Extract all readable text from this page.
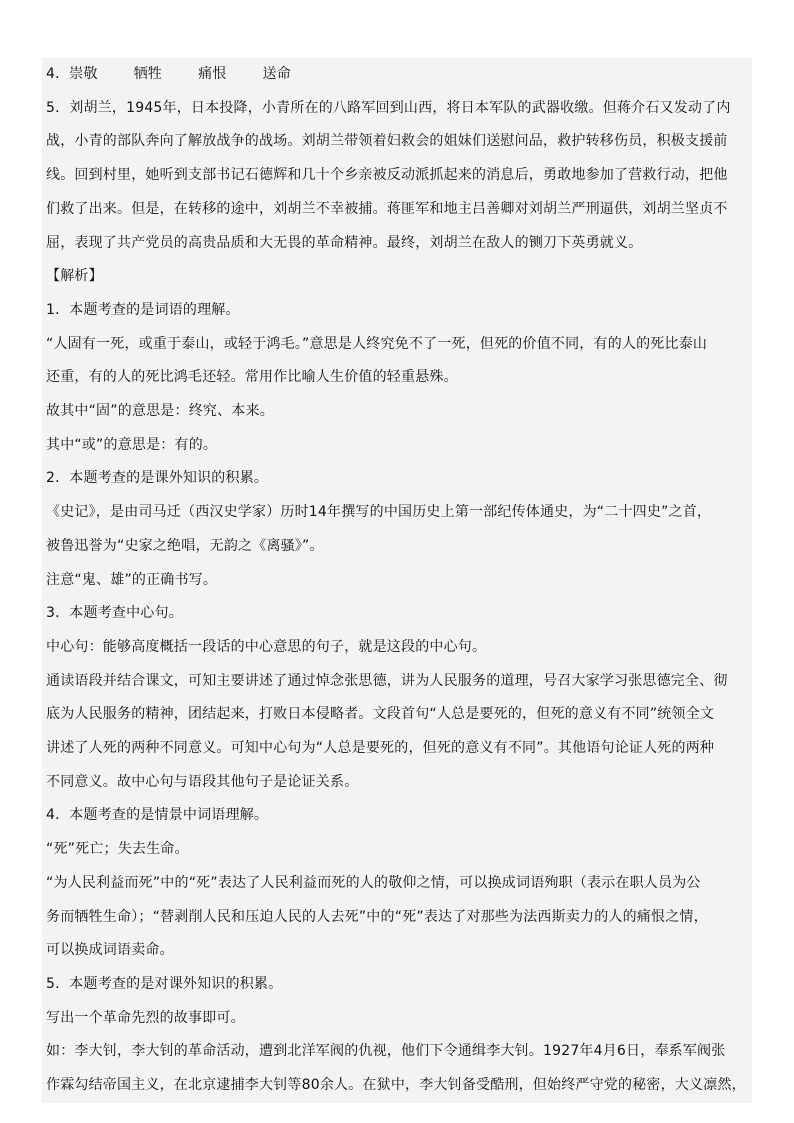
4．崇敬	牺牲	痛恨	送命

5．刘胡兰，1945年，日本投降，小青所在的八路军回到山西，将日本军队的武器收缴。但蒋介石又发动了内

战，小青的部队奔向了解放战争的战场。刘胡兰带领着妇救会的姐妹们送慰问品，救护转移伤员，积极支援前

线。回到村里，她听到支部书记石德辉和几十个乡亲被反动派抓起来的消息后，勇敢地参加了营救行动，把他

们救了出来。但是，在转移的途中，刘胡兰不幸被捕。蒋匪军和地主吕善卿对刘胡兰严刑逼供，刘胡兰坚贞不

屈，表现了共产党员的高贵品质和大无畏的革命精神。最终，刘胡兰在敌人的铡刀下英勇就义。

【解析】

1．本题考查的是词语的理解。

“人固有一死，或重于泰山，或轻于鸿毛。”意思是人终究免不了一死，但死的价值不同，有的人的死比泰山

还重，有的人的死比鸿毛还轻。常用作比喻人生价值的轻重悬殊。

故其中“固”的意思是：终究、本来。

其中“或”的意思是：有的。

2．本题考查的是课外知识的积累。

《史记》，是由司马迁（西汉史学家）历时14年撰写的中国历史上第一部纪传体通史，为“二十四史”之首，

被鲁迅誉为“史家之绝唱，无韵之《离骚》”。

注意“鬼、雄”的正确书写。

3．本题考查中心句。

中心句：能够高度概括一段话的中心意思的句子，就是这段的中心句。

通读语段并结合课文，可知主要讲述了通过悼念张思德，讲为人民服务的道理，号召大家学习张思德完全、彻

底为人民服务的精神，团结起来，打败日本侵略者。文段首句“人总是要死的，但死的意义有不同”统领全文

讲述了人死的两种不同意义。可知中心句为“人总是要死的，但死的意义有不同”。其他语句论证人死的两种

不同意义。故中心句与语段其他句子是论证关系。

4．本题考查的是情景中词语理解。

“死”死亡；失去生命。

“为人民利益而死”中的“死”表达了人民利益而死的人的敬仰之情，可以换成词语殉职（表示在职人员为公

务而牺牲生命）；“替剥削人民和压迫人民的人去死”中的“死”表达了对那些为法西斯卖力的人的痛恨之情，

可以换成词语卖命。

5．本题考查的是对课外知识的积累。

写出一个革命先烈的故事即可。

如：李大钊，李大钊的革命活动，遭到北洋军阀的仇视，他们下令通缉李大钊。1927年4月6日，奉系军阀张

作霖勾结帝国主义，在北京逮捕李大钊等80余人。在狱中，李大钊备受酷刑，但始终严守党的秘密，大义凛然，
